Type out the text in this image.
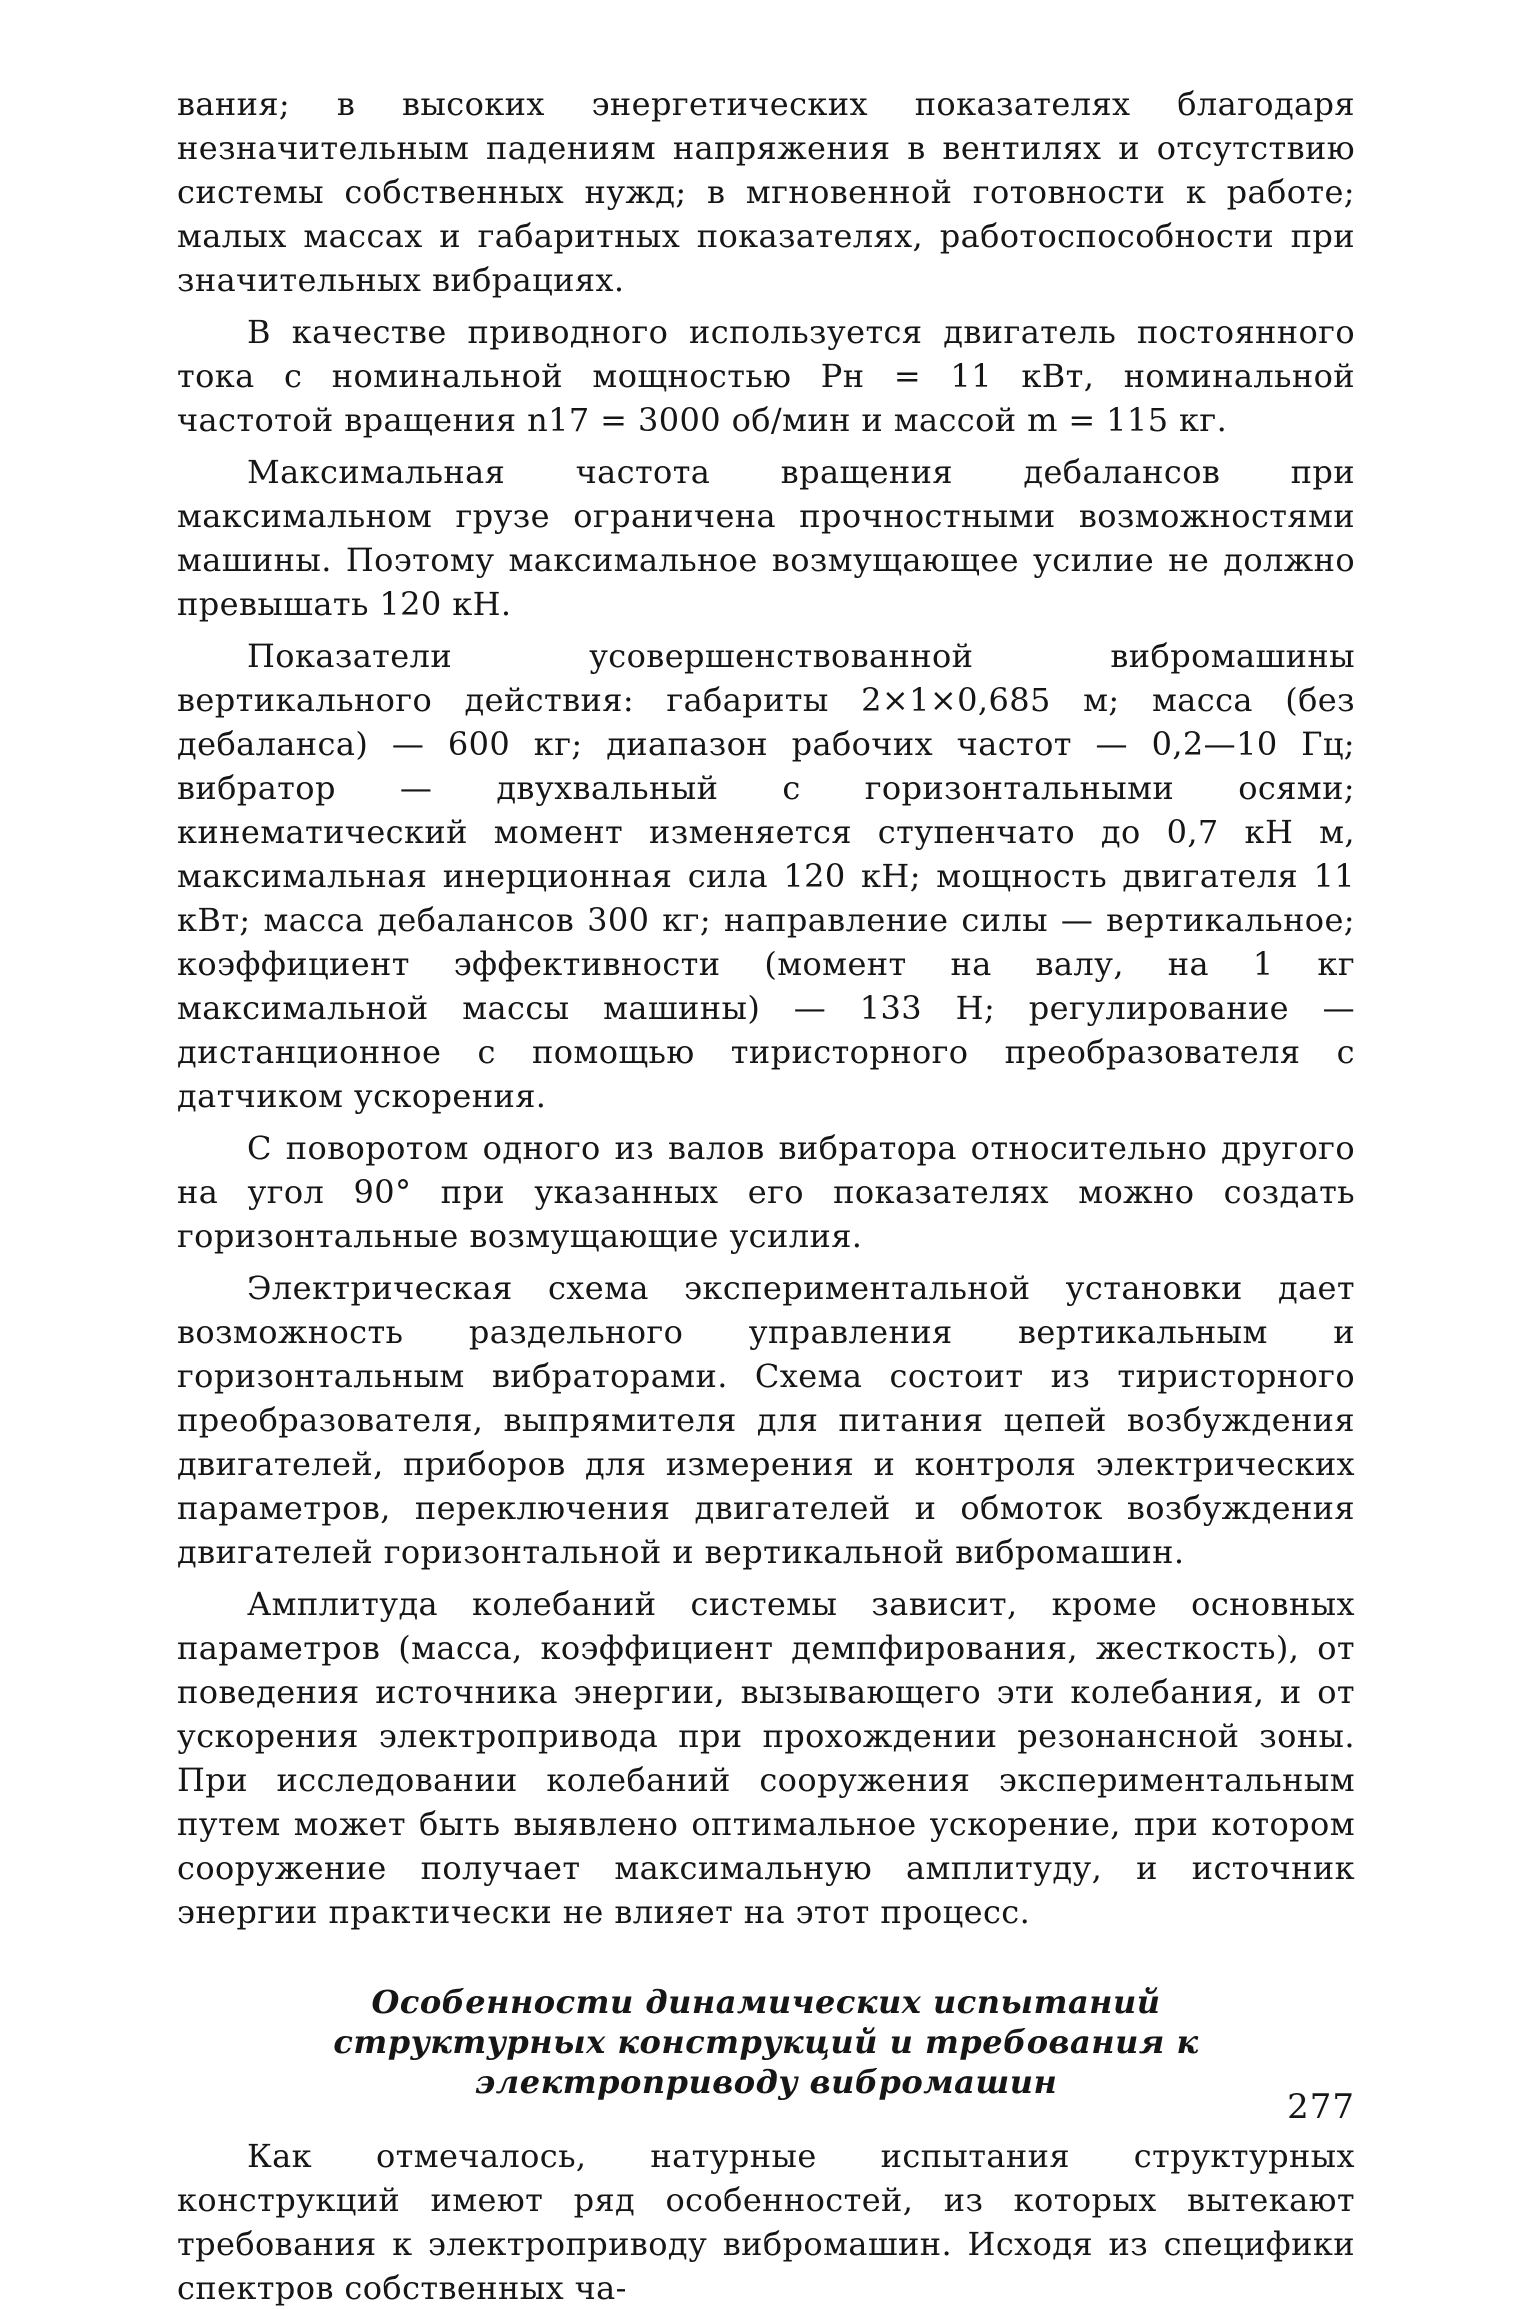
вания; в высоких энергетических показателях благодаря незначительным падениям напряжения в вентилях и отсутствию системы собственных нужд; в мгновенной готовности к работе; малых массах и габаритных показателях, работоспособности при значительных вибрациях.

В качестве приводного используется двигатель постоянного тока с номинальной мощностью Pн = 11 кВт, номинальной частотой вращения n17 = 3000 об/мин и массой m = 115 кг.

Максимальная частота вращения дебалансов при максимальном грузе ограничена прочностными возможностями машины. Поэтому максимальное возмущающее усилие не должно превышать 120 кН.

Показатели усовершенствованной вибромашины вертикального действия: габариты 2×1×0,685 м; масса (без дебаланса) — 600 кг; диапазон рабочих частот — 0,2—10 Гц; вибратор — двухвальный с горизонтальными осями; кинематический момент изменяется ступенчато до 0,7 кН м, максимальная инерционная сила 120 кН; мощность двигателя 11 кВт; масса дебалансов 300 кг; направление силы — вертикальное; коэффициент эффективности (момент на валу, на 1 кг максимальной массы машины) — 133 Н; регулирование — дистанционное с помощью тиристорного преобразователя с датчиком ускорения.

С поворотом одного из валов вибратора относительно другого на угол 90° при указанных его показателях можно создать горизонтальные возмущающие усилия.

Электрическая схема экспериментальной установки дает возможность раздельного управления вертикальным и горизонтальным вибраторами. Схема состоит из тиристорного преобразователя, выпрямителя для питания цепей возбуждения двигателей, приборов для измерения и контроля электрических параметров, переключения двигателей и обмоток возбуждения двигателей горизонтальной и вертикальной вибромашин.

Амплитуда колебаний системы зависит, кроме основных параметров (масса, коэффициент демпфирования, жесткость), от поведения источника энергии, вызывающего эти колебания, и от ускорения электропривода при прохождении резонансной зоны. При исследовании колебаний сооружения экспериментальным путем может быть выявлено оптимальное ускорение, при котором сооружение получает максимальную амплитуду, и источник энергии практически не влияет на этот процесс.

Особенности динамических испытаний
структурных конструкций и требования к электроприводу вибромашин

Как отмечалось, натурные испытания структурных конструкций имеют ряд особенностей, из которых вытекают требования к электроприводу вибромашин. Исходя из специфики спектров собственных ча-

277
